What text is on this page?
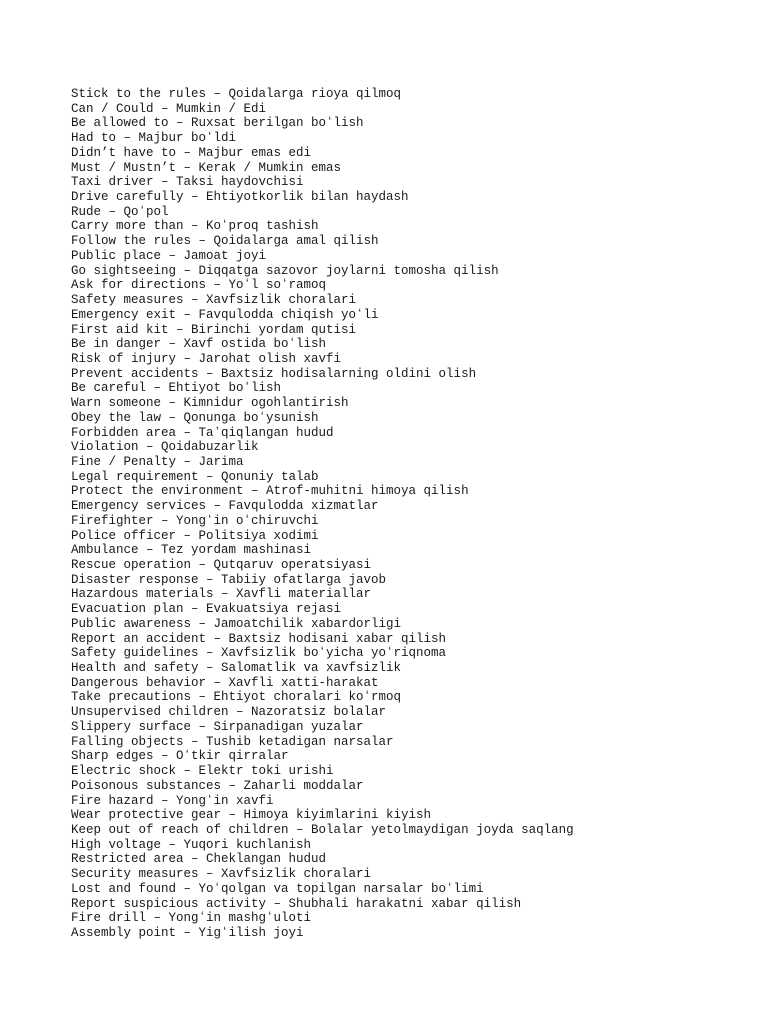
Stick to the rules – Qoidalarga rioya qilmoq
Can / Could – Mumkin / Edi
Be allowed to – Ruxsat berilgan boʻlish
Had to – Majbur boʻldi
Didn’t have to – Majbur emas edi
Must / Mustn’t – Kerak / Mumkin emas
Taxi driver – Taksi haydovchisi
Drive carefully – Ehtiyotkorlik bilan haydash
Rude – Qoʻpol
Carry more than – Koʻproq tashish
Follow the rules – Qoidalarga amal qilish
Public place – Jamoat joyi
Go sightseeing – Diqqatga sazovor joylarni tomosha qilish
Ask for directions – Yoʻl soʻramoq
Safety measures – Xavfsizlik choralari
Emergency exit – Favqulodda chiqish yoʻli
First aid kit – Birinchi yordam qutisi
Be in danger – Xavf ostida boʻlish
Risk of injury – Jarohat olish xavfi
Prevent accidents – Baxtsiz hodisalarning oldini olish
Be careful – Ehtiyot boʻlish
Warn someone – Kimnidur ogohlantirish
Obey the law – Qonunga boʻysunish
Forbidden area – Taʼqiqlangan hudud
Violation – Qoidabuzarlik
Fine / Penalty – Jarima
Legal requirement – Qonuniy talab
Protect the environment – Atrof-muhitni himoya qilish
Emergency services – Favqulodda xizmatlar
Firefighter – Yongʻin oʻchiruvchi
Police officer – Politsiya xodimi
Ambulance – Tez yordam mashinasi
Rescue operation – Qutqaruv operatsiyasi
Disaster response – Tabiiy ofatlarga javob
Hazardous materials – Xavfli materiallar
Evacuation plan – Evakuatsiya rejasi
Public awareness – Jamoatchilik xabardorligi
Report an accident – Baxtsiz hodisani xabar qilish
Safety guidelines – Xavfsizlik boʻyicha yoʻriqnoma
Health and safety – Salomatlik va xavfsizlik
Dangerous behavior – Xavfli xatti-harakat
Take precautions – Ehtiyot choralari koʻrmoq
Unsupervised children – Nazoratsiz bolalar
Slippery surface – Sirpanadigan yuzalar
Falling objects – Tushib ketadigan narsalar
Sharp edges – Oʻtkir qirralar
Electric shock – Elektr toki urishi
Poisonous substances – Zaharli moddalar
Fire hazard – Yongʻin xavfi
Wear protective gear – Himoya kiyimlarini kiyish
Keep out of reach of children – Bolalar yetolmaydigan joyda saqlang
High voltage – Yuqori kuchlanish
Restricted area – Cheklangan hudud
Security measures – Xavfsizlik choralari
Lost and found – Yoʻqolgan va topilgan narsalar boʻlimi
Report suspicious activity – Shubhali harakatni xabar qilish
Fire drill – Yongʻin mashgʻuloti
Assembly point – Yigʻilish joyi
